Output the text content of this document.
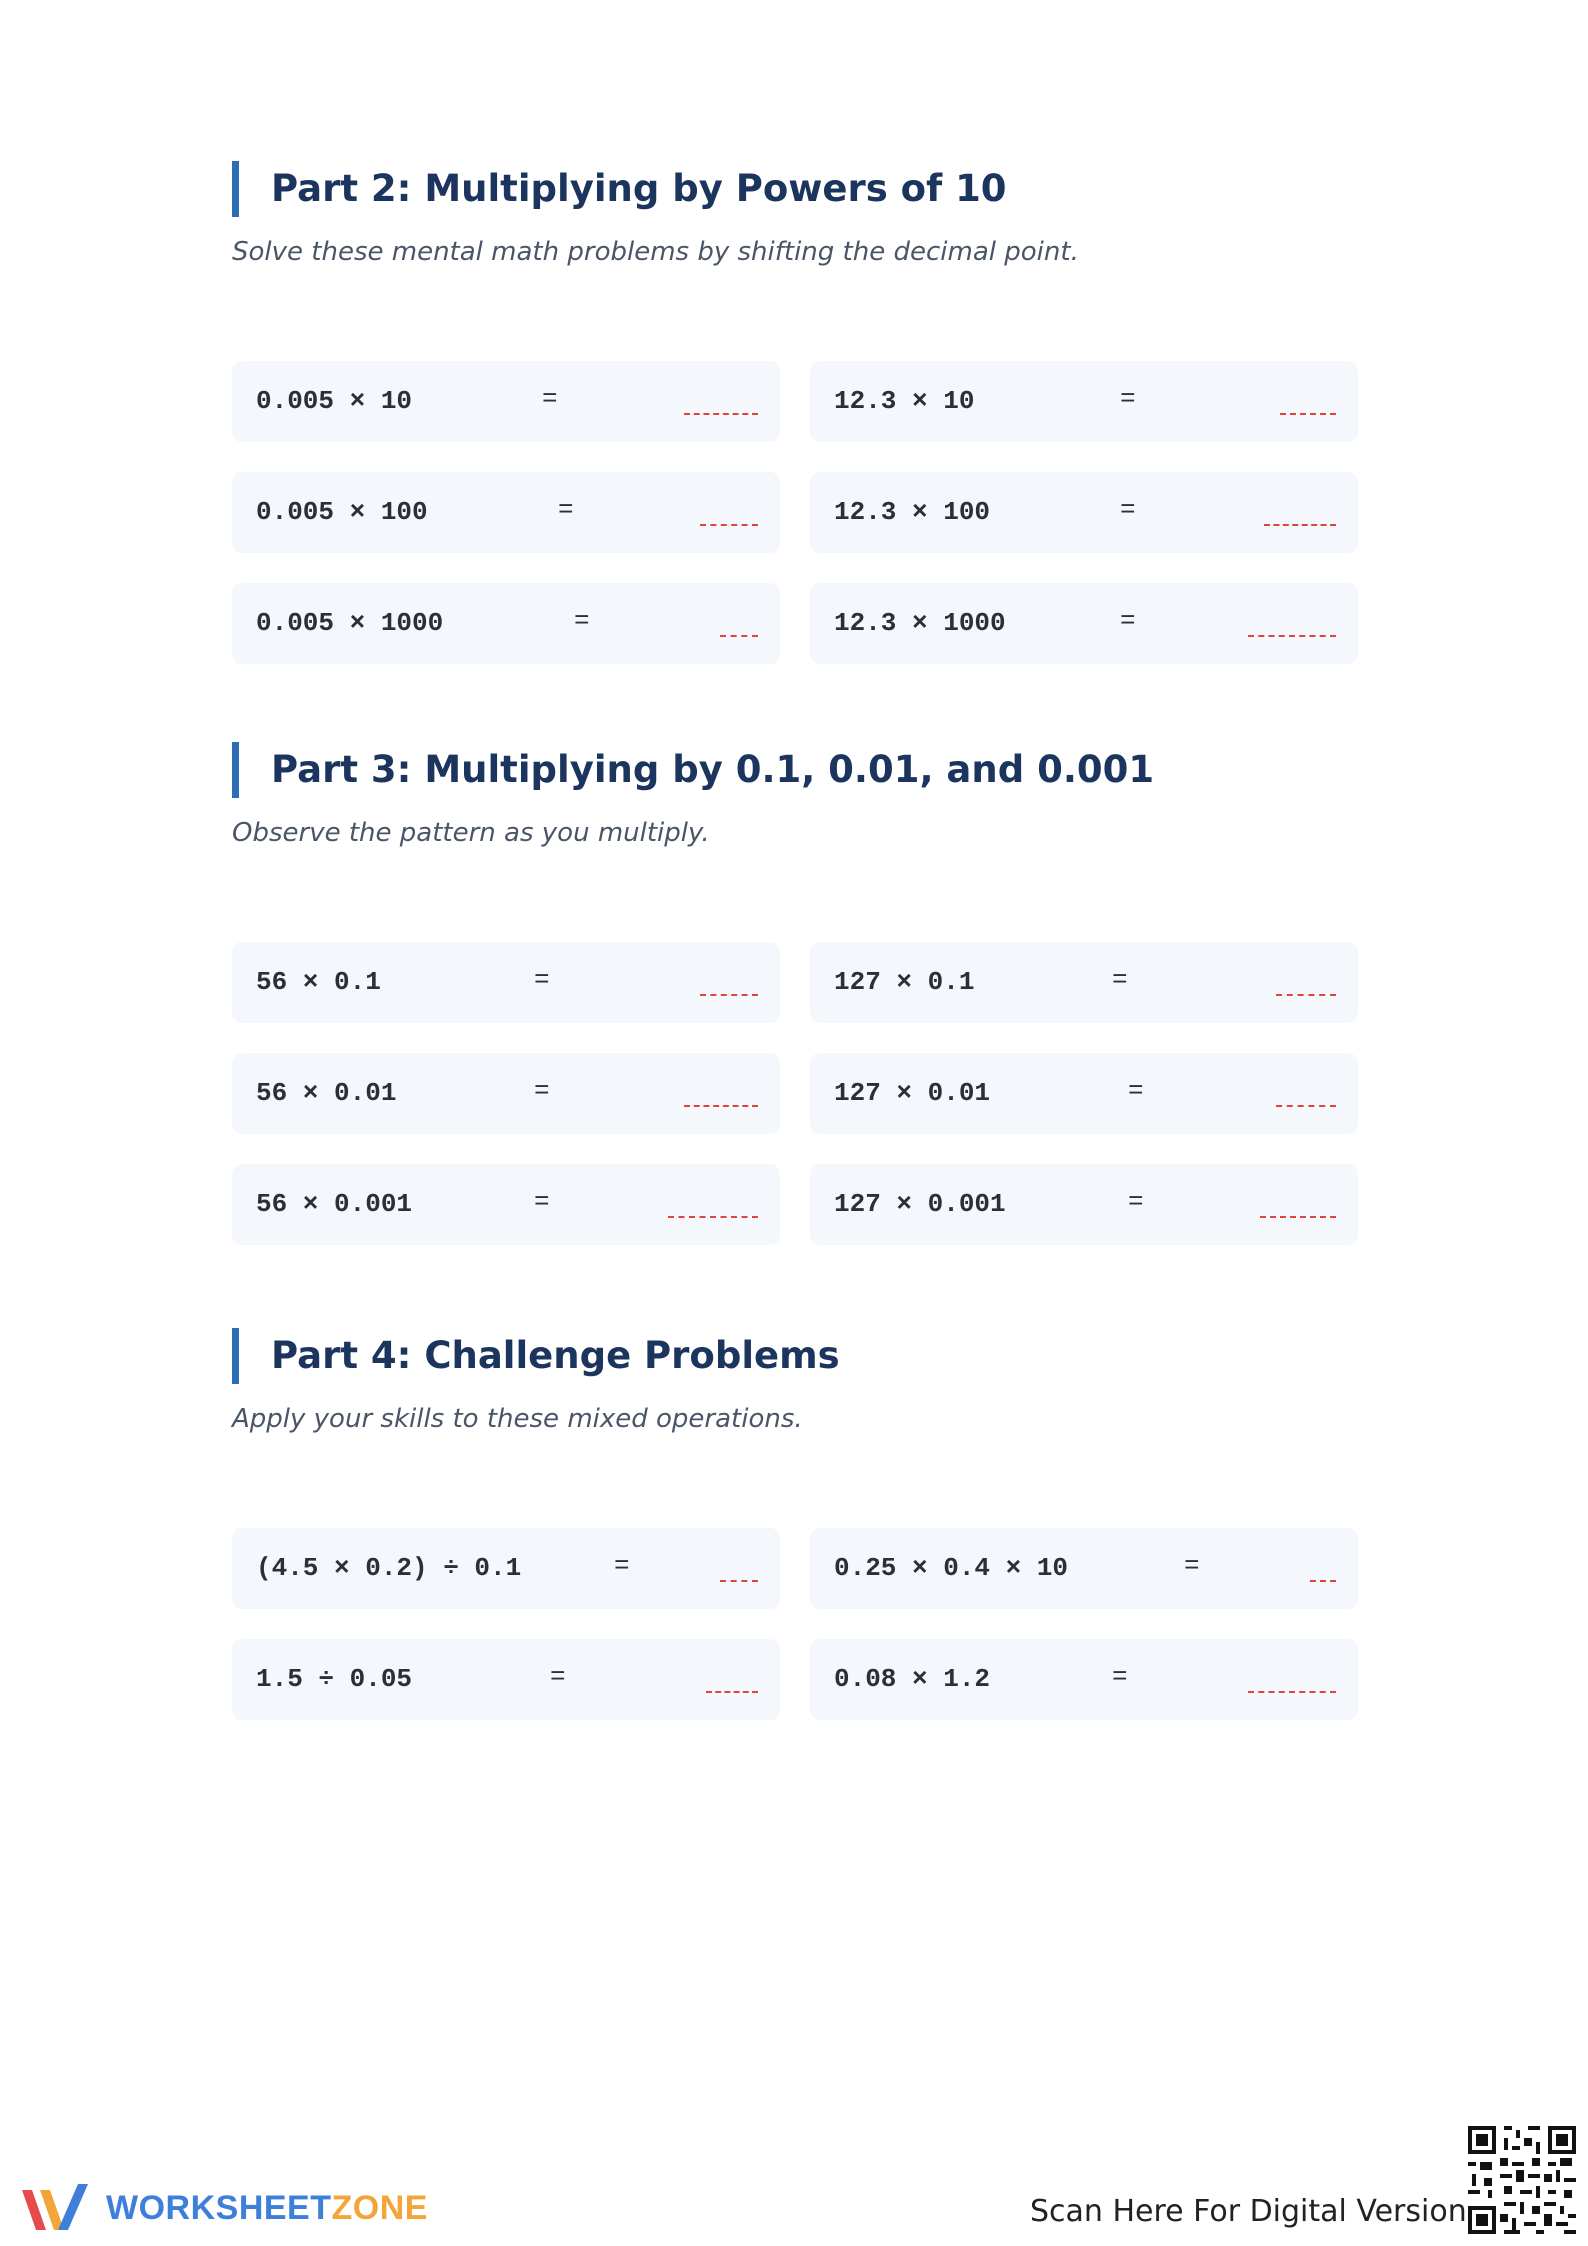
Part 2: Multiplying by Powers of 10
Solve these mental math problems by shifting the decimal point.
0.005 × 10	=	12.3 × 10	=
0.005 × 100	=	12.3 × 100	=
0.005 × 1000	=	12.3 × 1000	=
Part 3: Multiplying by 0.1, 0.01, and 0.001
Observe the pattern as you multiply.
56 × 0.1	=	127 × 0.1	=
56 × 0.01	=	127 × 0.01	=
56 × 0.001	=	127 × 0.001	=
Part 4: Challenge Problems
Apply your skills to these mixed operations.
(4.5 × 0.2) ÷ 0.1	=	0.25 × 0.4 × 10	=
1.5 ÷ 0.05	=	0.08 × 1.2	=
WORKSHEETZONE	Scan Here For Digital Version
